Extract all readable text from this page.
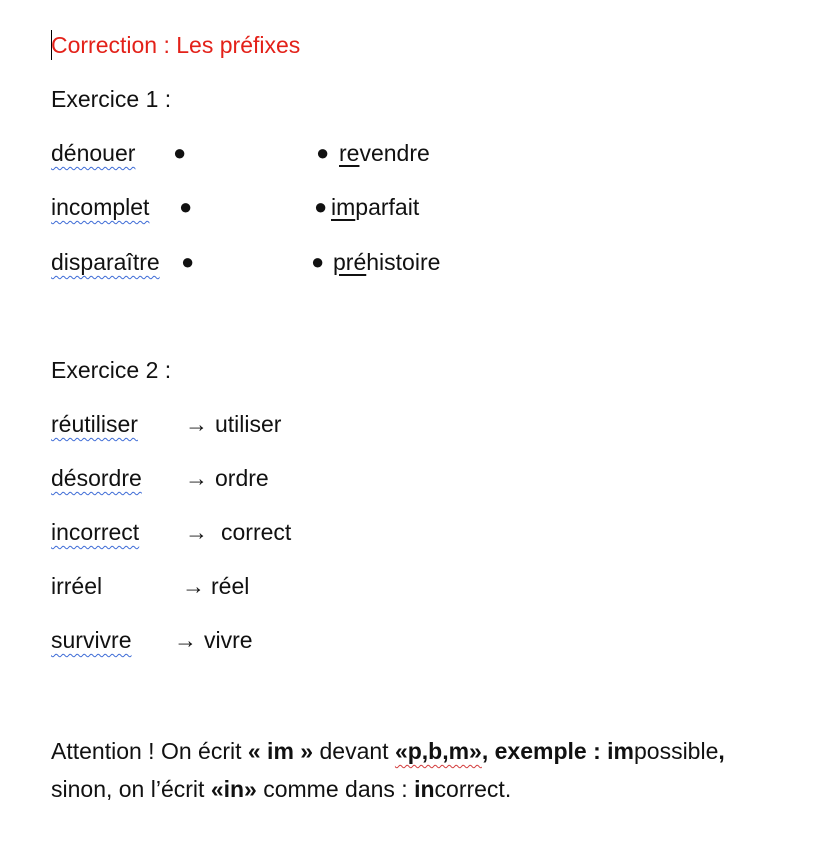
Correction : Les préfixes
Exercice 1 :
dénouer ●	● revendre
incomplet ●	● imparfait
disparaître ●	● préhistoire
Exercice 2 :
réutiliser → utiliser
désordre → ordre
incorrect → correct
irréel	→ réel
survivre → vivre
Attention ! On écrit « im » devant «p,b,m», exemple : impossible,
sinon, on l’écrit «in» comme dans : incorrect.
